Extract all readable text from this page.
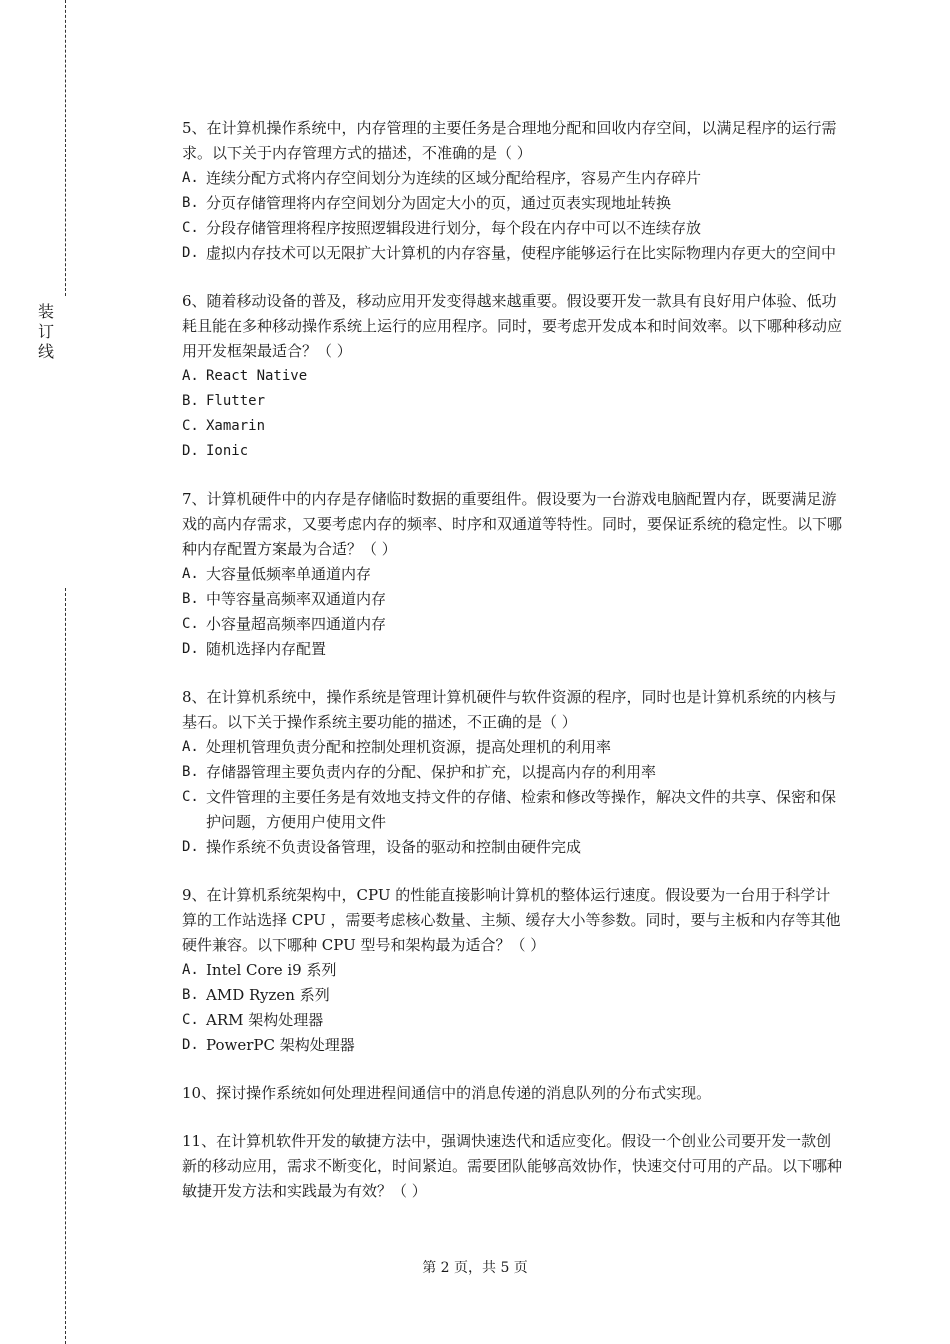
装
订
线

5、在计算机操作系统中，内存管理的主要任务是合理地分配和回收内存空间，以满足程序的运行需求。以下关于内存管理方式的描述，不准确的是（ ）

A. 连续分配方式将内存空间划分为连续的区域分配给程序，容易产生内存碎片
B. 分页存储管理将内存空间划分为固定大小的页，通过页表实现地址转换
C. 分段存储管理将程序按照逻辑段进行划分，每个段在内存中可以不连续存放
D. 虚拟内存技术可以无限扩大计算机的内存容量，使程序能够运行在比实际物理内存更大的空间中

6、随着移动设备的普及，移动应用开发变得越来越重要。假设要开发一款具有良好用户体验、低功耗且能在多种移动操作系统上运行的应用程序。同时，要考虑开发成本和时间效率。以下哪种移动应用开发框架最适合？（ ）

A. React Native
B. Flutter
C. Xamarin
D. Ionic

7、计算机硬件中的内存是存储临时数据的重要组件。假设要为一台游戏电脑配置内存，既要满足游戏的高内存需求，又要考虑内存的频率、时序和双通道等特性。同时，要保证系统的稳定性。以下哪种内存配置方案最为合适？（ ）

A. 大容量低频率单通道内存
B. 中等容量高频率双通道内存
C. 小容量超高频率四通道内存
D. 随机选择内存配置

8、在计算机系统中，操作系统是管理计算机硬件与软件资源的程序，同时也是计算机系统的内核与基石。以下关于操作系统主要功能的描述，不正确的是（ ）

A. 处理机管理负责分配和控制处理机资源，提高处理机的利用率
B. 存储器管理主要负责内存的分配、保护和扩充，以提高内存的利用率
C. 文件管理的主要任务是有效地支持文件的存储、检索和修改等操作，解决文件的共享、保密和保护问题，方便用户使用文件
D. 操作系统不负责设备管理，设备的驱动和控制由硬件完成

9、在计算机系统架构中，CPU 的性能直接影响计算机的整体运行速度。假设要为一台用于科学计算的工作站选择 CPU ，需要考虑核心数量、主频、缓存大小等参数。同时，要与主板和内存等其他硬件兼容。以下哪种 CPU 型号和架构最为适合？（ ）

A. Intel Core i9 系列
B. AMD Ryzen 系列
C. ARM 架构处理器
D. PowerPC 架构处理器

10、探讨操作系统如何处理进程间通信中的消息传递的消息队列的分布式实现。

11、在计算机软件开发的敏捷方法中，强调快速迭代和适应变化。假设一个创业公司要开发一款创新的移动应用，需求不断变化，时间紧迫。需要团队能够高效协作，快速交付可用的产品。以下哪种敏捷开发方法和实践最为有效？（ ）

第 2 页，共 5 页
